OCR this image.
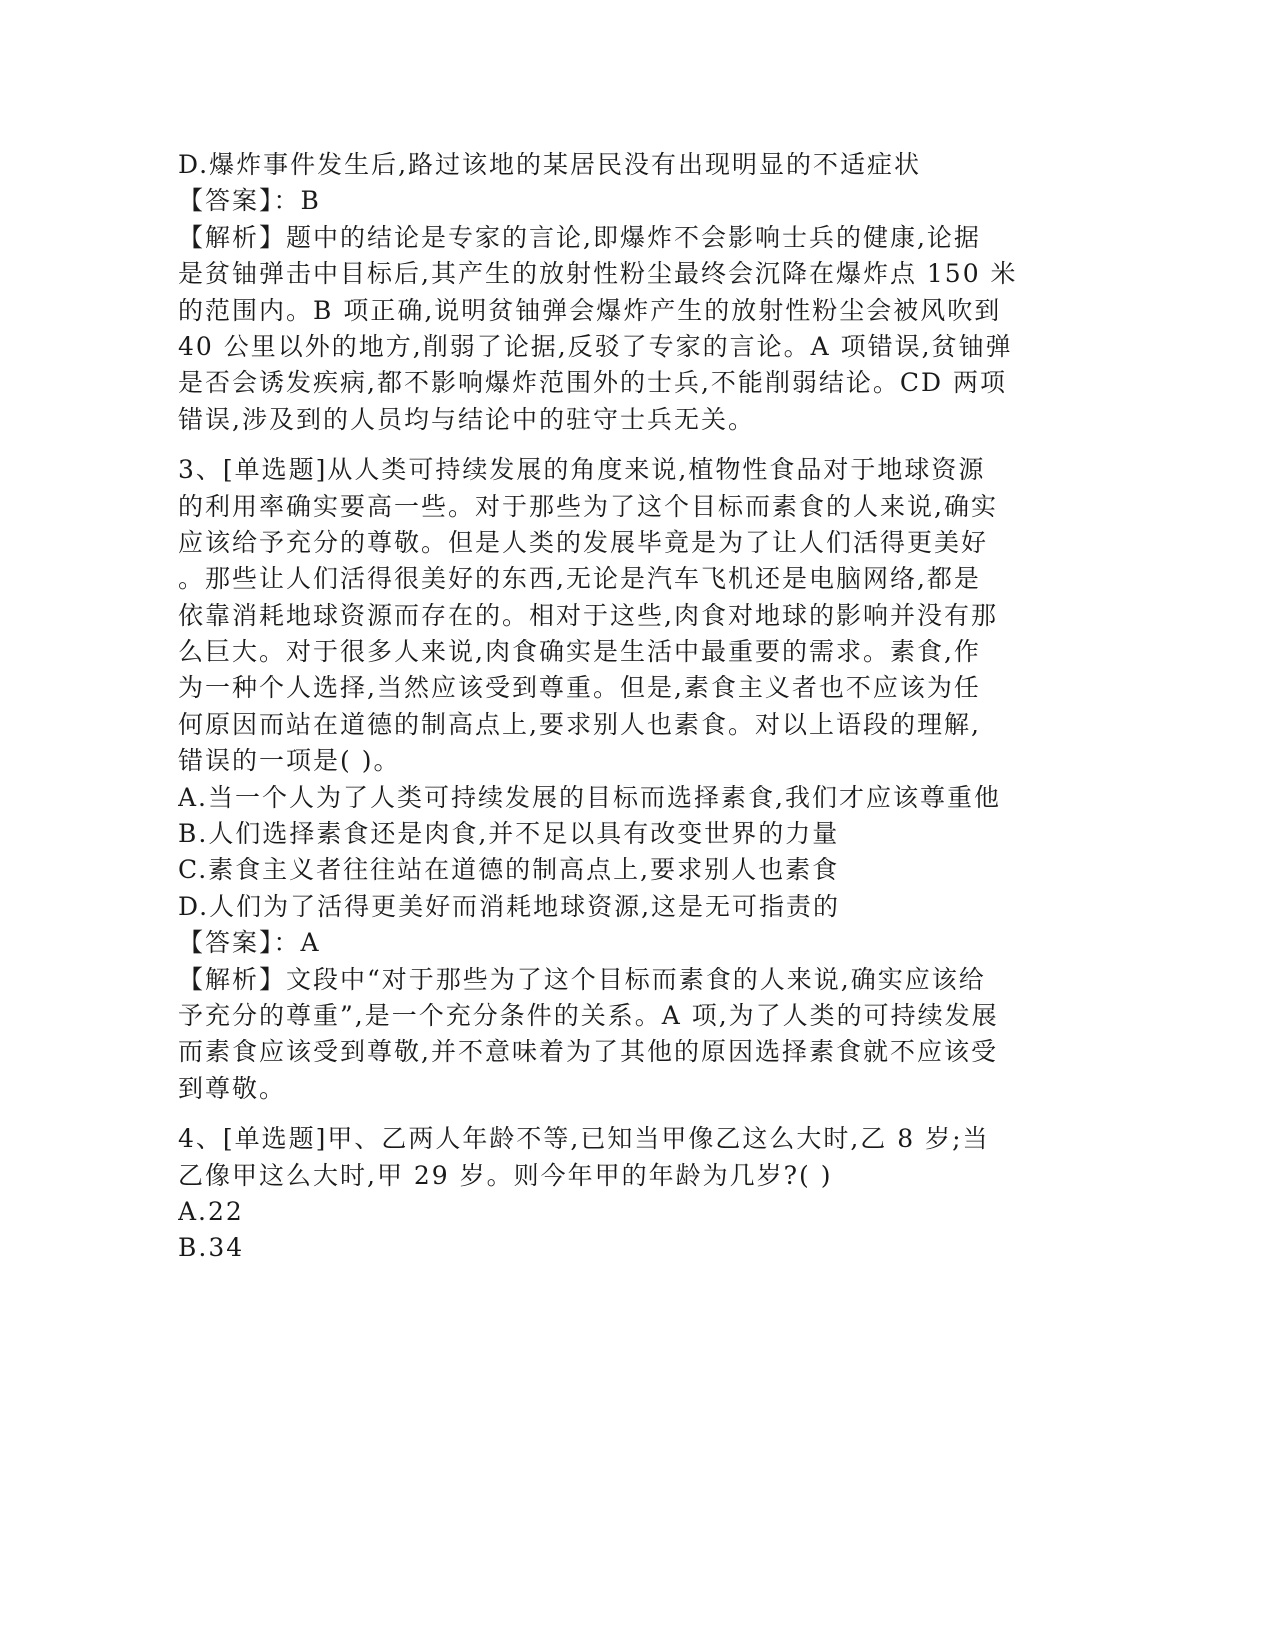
D.爆炸事件发生后,路过该地的某居民没有出现明显的不适症状
【答案】：B
【解析】题中的结论是专家的言论,即爆炸不会影响士兵的健康,论据
是贫铀弹击中目标后,其产生的放射性粉尘最终会沉降在爆炸点 150 米
的范围内。B 项正确,说明贫铀弹会爆炸产生的放射性粉尘会被风吹到
40 公里以外的地方,削弱了论据,反驳了专家的言论。A 项错误,贫铀弹
是否会诱发疾病,都不影响爆炸范围外的士兵,不能削弱结论。CD 两项
错误,涉及到的人员均与结论中的驻守士兵无关。
3、[单选题]从人类可持续发展的角度来说,植物性食品对于地球资源
的利用率确实要高一些。对于那些为了这个目标而素食的人来说,确实
应该给予充分的尊敬。但是人类的发展毕竟是为了让人们活得更美好
。那些让人们活得很美好的东西,无论是汽车飞机还是电脑网络,都是
依靠消耗地球资源而存在的。相对于这些,肉食对地球的影响并没有那
么巨大。对于很多人来说,肉食确实是生活中最重要的需求。素食,作
为一种个人选择,当然应该受到尊重。但是,素食主义者也不应该为任
何原因而站在道德的制高点上,要求别人也素食。对以上语段的理解,
错误的一项是( )。
A.当一个人为了人类可持续发展的目标而选择素食,我们才应该尊重他
B.人们选择素食还是肉食,并不足以具有改变世界的力量
C.素食主义者往往站在道德的制高点上,要求别人也素食
D.人们为了活得更美好而消耗地球资源,这是无可指责的
【答案】：A
【解析】文段中“对于那些为了这个目标而素食的人来说,确实应该给
予充分的尊重”,是一个充分条件的关系。A 项,为了人类的可持续发展
而素食应该受到尊敬,并不意味着为了其他的原因选择素食就不应该受
到尊敬。
4、[单选题]甲、乙两人年龄不等,已知当甲像乙这么大时,乙 8 岁;当
乙像甲这么大时,甲 29 岁。则今年甲的年龄为几岁?( )
A.22
B.34
